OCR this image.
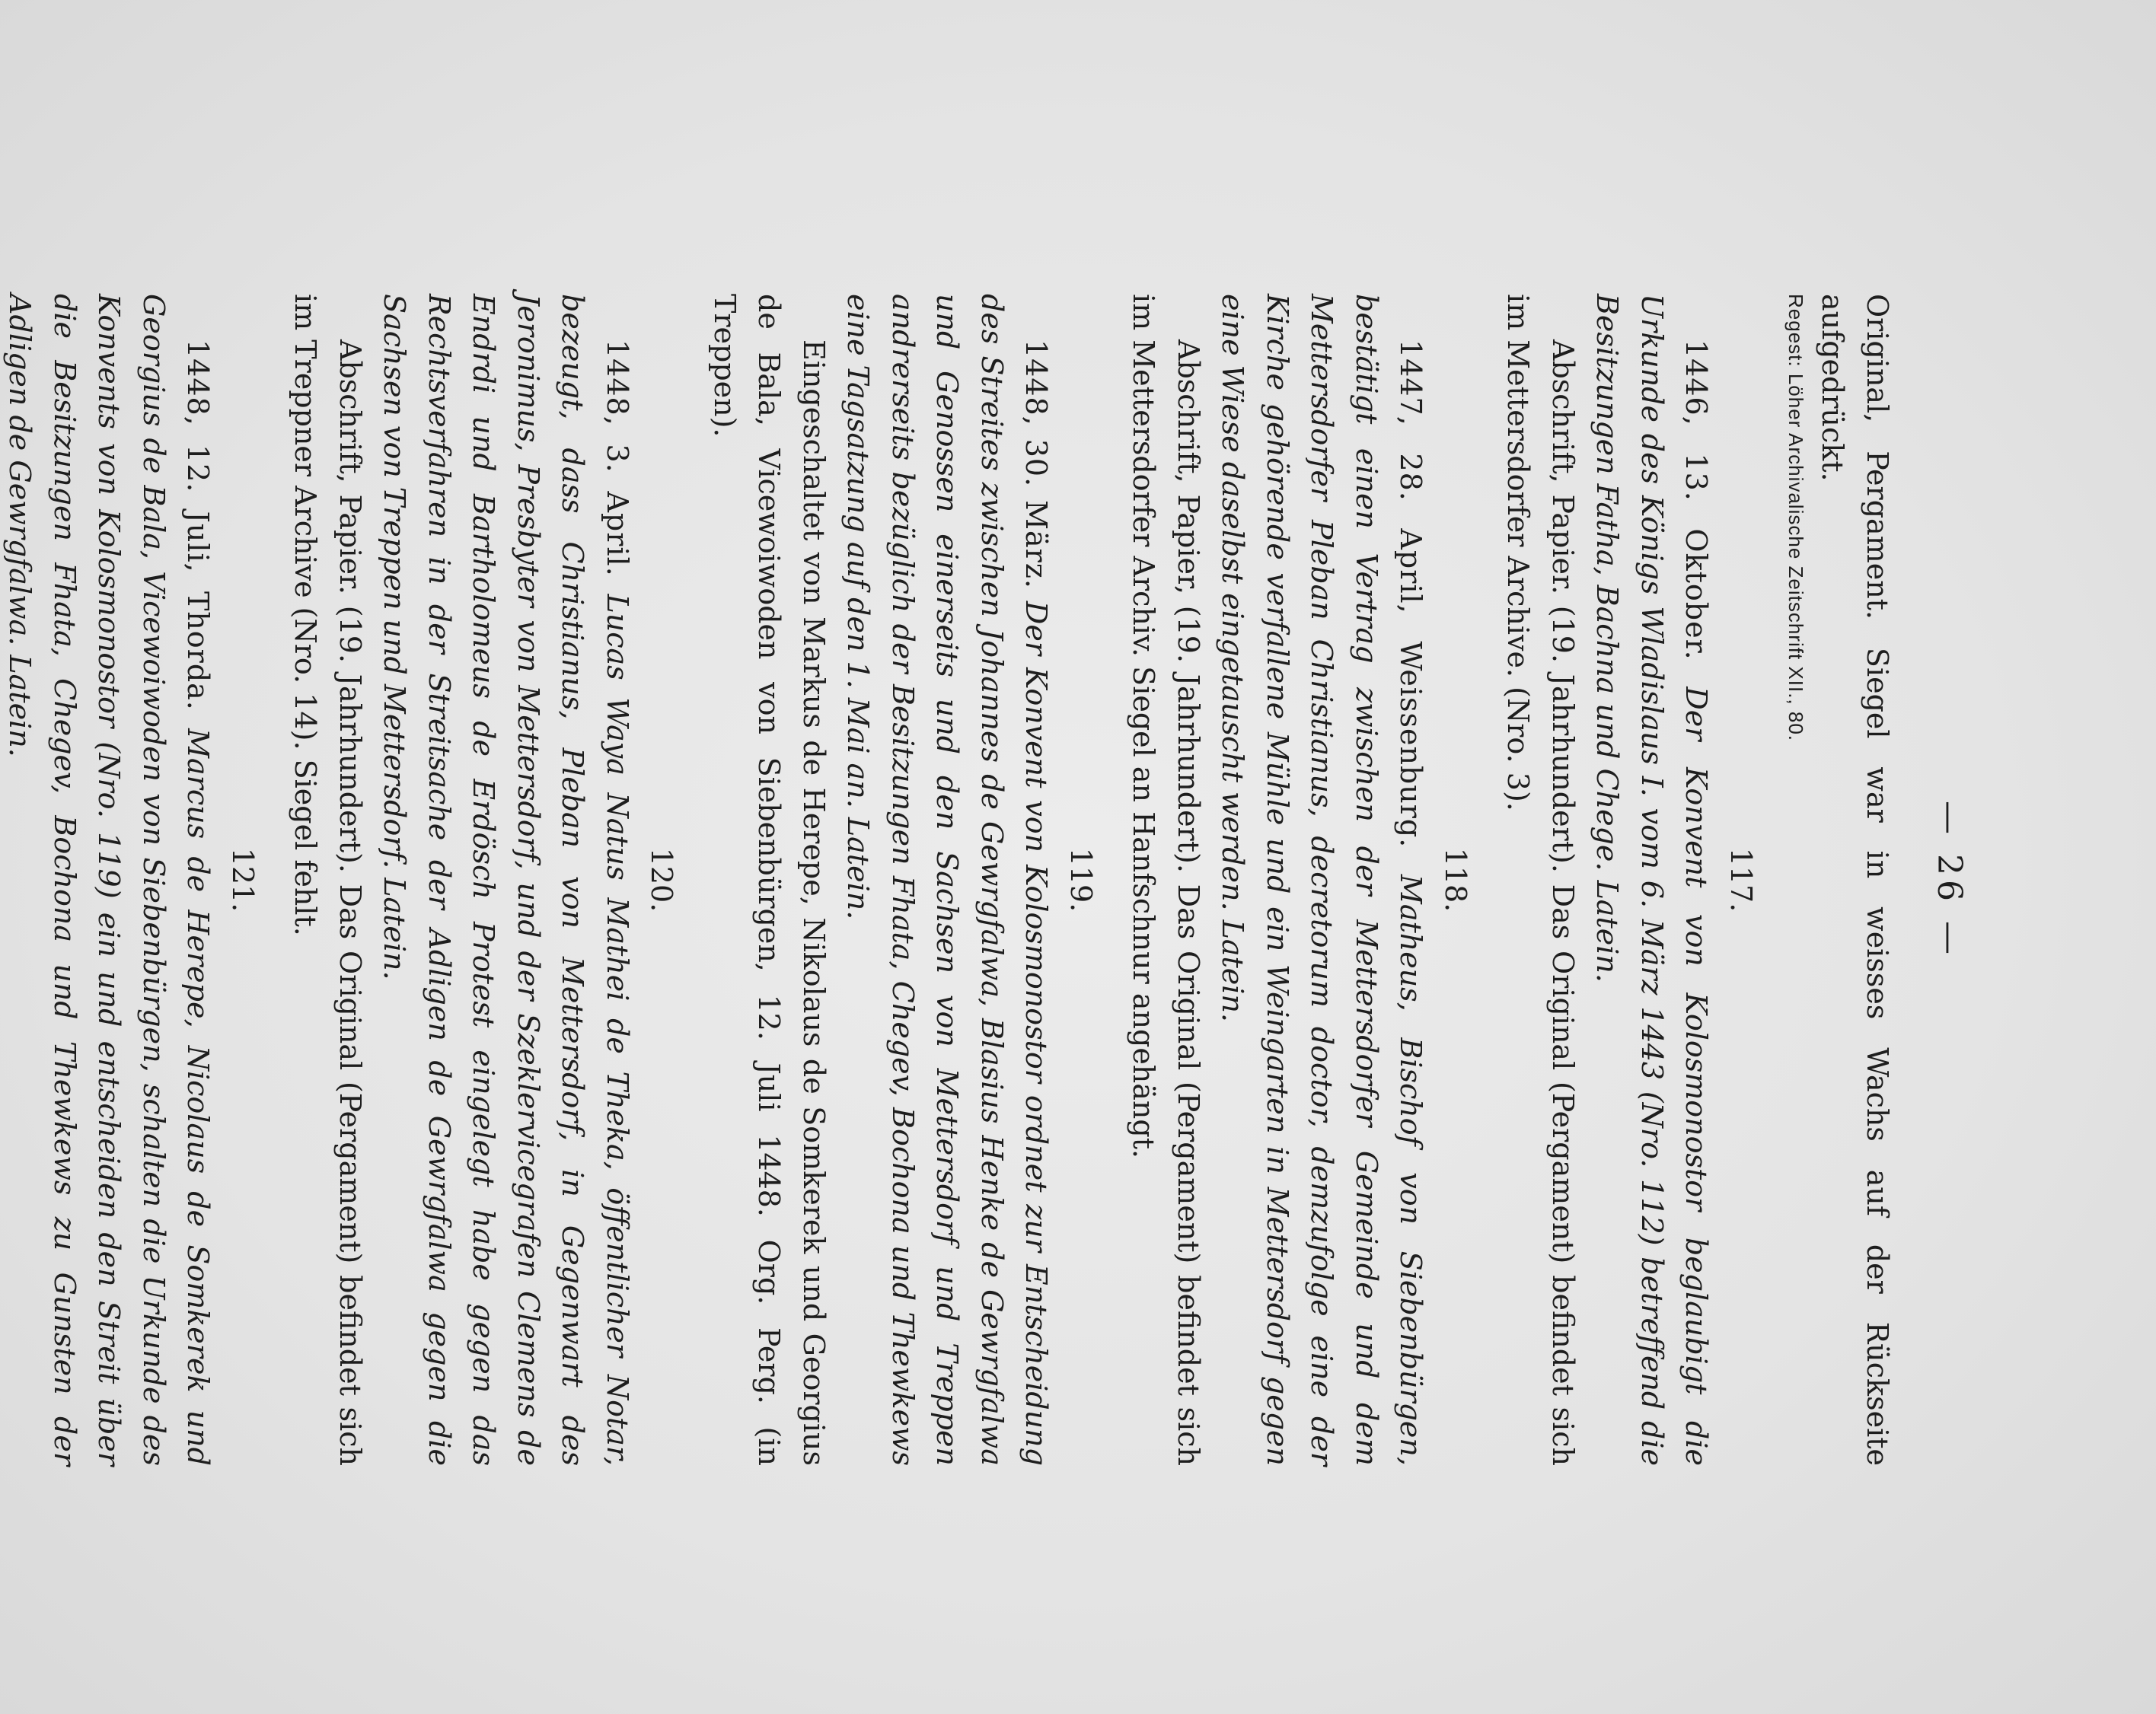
— 26 —

Original, Pergament. Siegel war in weisses Wachs auf der Rückseite aufgedrückt.

Regest: Löher Archivalische Zeitschrift XII., 80.

117.

1446, 13. Oktober. Der Konvent von Kolosmonostor beglaubigt die Urkunde des Königs Wladislaus I. vom 6. März 1443 (Nro. 112) betreffend die Besitzungen Fatha, Bachna und Chege. Latein.

Abschrift, Papier. (19. Jahrhundert). Das Original (Pergament) befindet sich im Mettersdorfer Archive. (Nro. 3).

118.

1447, 28. April, Weissenburg. Matheus, Bischof von Siebenbürgen, bestätigt einen Vertrag zwischen der Mettersdorfer Gemeinde und dem Mettersdorfer Pleban Christianus, decretorum doctor, demzufolge eine der Kirche gehörende verfallene Mühle und ein Weingarten in Mettersdorf gegen eine Wiese daselbst eingetauscht werden. Latein.

Abschrift, Papier, (19. Jahrhundert). Das Original (Pergament) befindet sich im Mettersdorfer Archiv. Siegel an Hanfschnur angehängt.

119.

1448, 30. März. Der Konvent von Kolosmonostor ordnet zur Entscheidung des Streites zwischen Johannes de Gewrgfalwa, Blasius Henke de Gewrgfalwa und Genossen einerseits und den Sachsen von Mettersdorf und Treppen andrerseits bezüglich der Besitzungen Fhata, Chegev, Bochona und Thewkews eine Tagsatzung auf den 1. Mai an. Latein.

Eingeschaltet von Markus de Herepe, Nikolaus de Somkerek und Georgius de Bala, Vicewoiwoden von Siebenbürgen, 12. Juli 1448. Org. Perg. (in Treppen).

120.

1448, 3. April. Lucas Waya Natus Mathei de Theka, öffentlicher Notar, bezeugt, dass Christianus, Pleban von Mettersdorf, in Gegenwart des Jeronimus, Presbyter von Mettersdorf, und der Szeklervicegrafen Clemens de Endrdi und Bartholomeus de Erdösch Protest eingelegt habe gegen das Rechtsverfahren in der Streitsache der Adligen de Gewrgfalwa gegen die Sachsen von Treppen und Mettersdorf. Latein.

Abschrift, Papier. (19. Jahrhundert). Das Original (Pergament) befindet sich im Treppner Archive (Nro. 14). Siegel fehlt.

121.

1448, 12. Juli, Thorda. Marcus de Herepe, Nicolaus de Somkerek und Georgius de Bala, Vicewoiwoden von Siebenbürgen, schalten die Urkunde des Konvents von Kolosmonostor (Nro. 119) ein und entscheiden den Streit über die Besitzungen Fhata, Chegev, Bochona und Thewkews zu Gunsten der Adligen de Gewrgfalwa. Latein.
